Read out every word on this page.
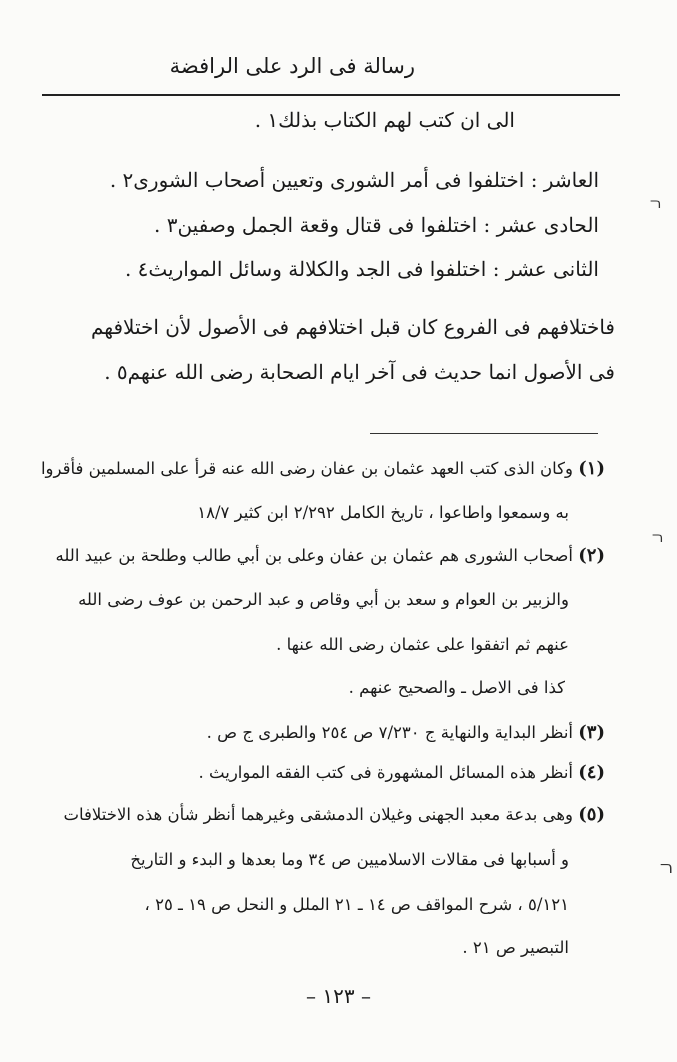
رسالة فى الرد على الرافضة
الى ان كتب لهم الكتاب بذلك١ .
العاشر : اختلفوا فى أمر الشورى وتعيين أصحاب الشورى٢ .
الحادى عشر : اختلفوا فى قتال وقعة الجمل وصفين٣ .
الثانى عشر : اختلفوا فى الجد والكلالة وسائل المواريث٤ .
فاختلافهم فى الفروع كان قبل اختلافهم فى الأصول لأن اختلافهم
فى الأصول انما حديث فى آخر ايام الصحابة رضى الله عنهم٥ .
(١) وكان الذى كتب العهد عثمان بن عفان رضى الله عنه قرأ على المسلمين فأقروا
به وسمعوا واطاعوا ، تاريخ الكامل ٢/٢٩٢ ابن كثير ١٨/٧
(٢) أصحاب الشورى هم عثمان بن عفان وعلى بن أبي طالب وطلحة بن عبيد الله
والزبير بن العوام و سعد بن أبي وقاص و عبد الرحمن بن عوف رضى الله
عنهم ثم اتفقوا على عثمان رضى الله عنها .
كذا فى الاصل ـ والصحيح عنهم .
(٣) أنظر البداية والنهاية ج ٧/٢٣٠ ص ٢٥٤ والطبرى ج ص .
(٤) أنظر هذه المسائل المشهورة فى كتب الفقه المواريث .
(٥) وهى بدعة معبد الجهنى وغيلان الدمشقى وغيرهما أنظر شأن هذه الاختلافات
و أسبابها فى مقالات الاسلاميين ص ٣٤ وما بعدها و البدء و التاريخ
٥/١٢١ ، شرح المواقف ص ١٤ ـ ٢١ الملل و النحل ص ١٩ ـ ٢٥ ،
التبصير ص ٢١ .
– ١٢٣ –
ﬧ
ﬧ
ﬧ
